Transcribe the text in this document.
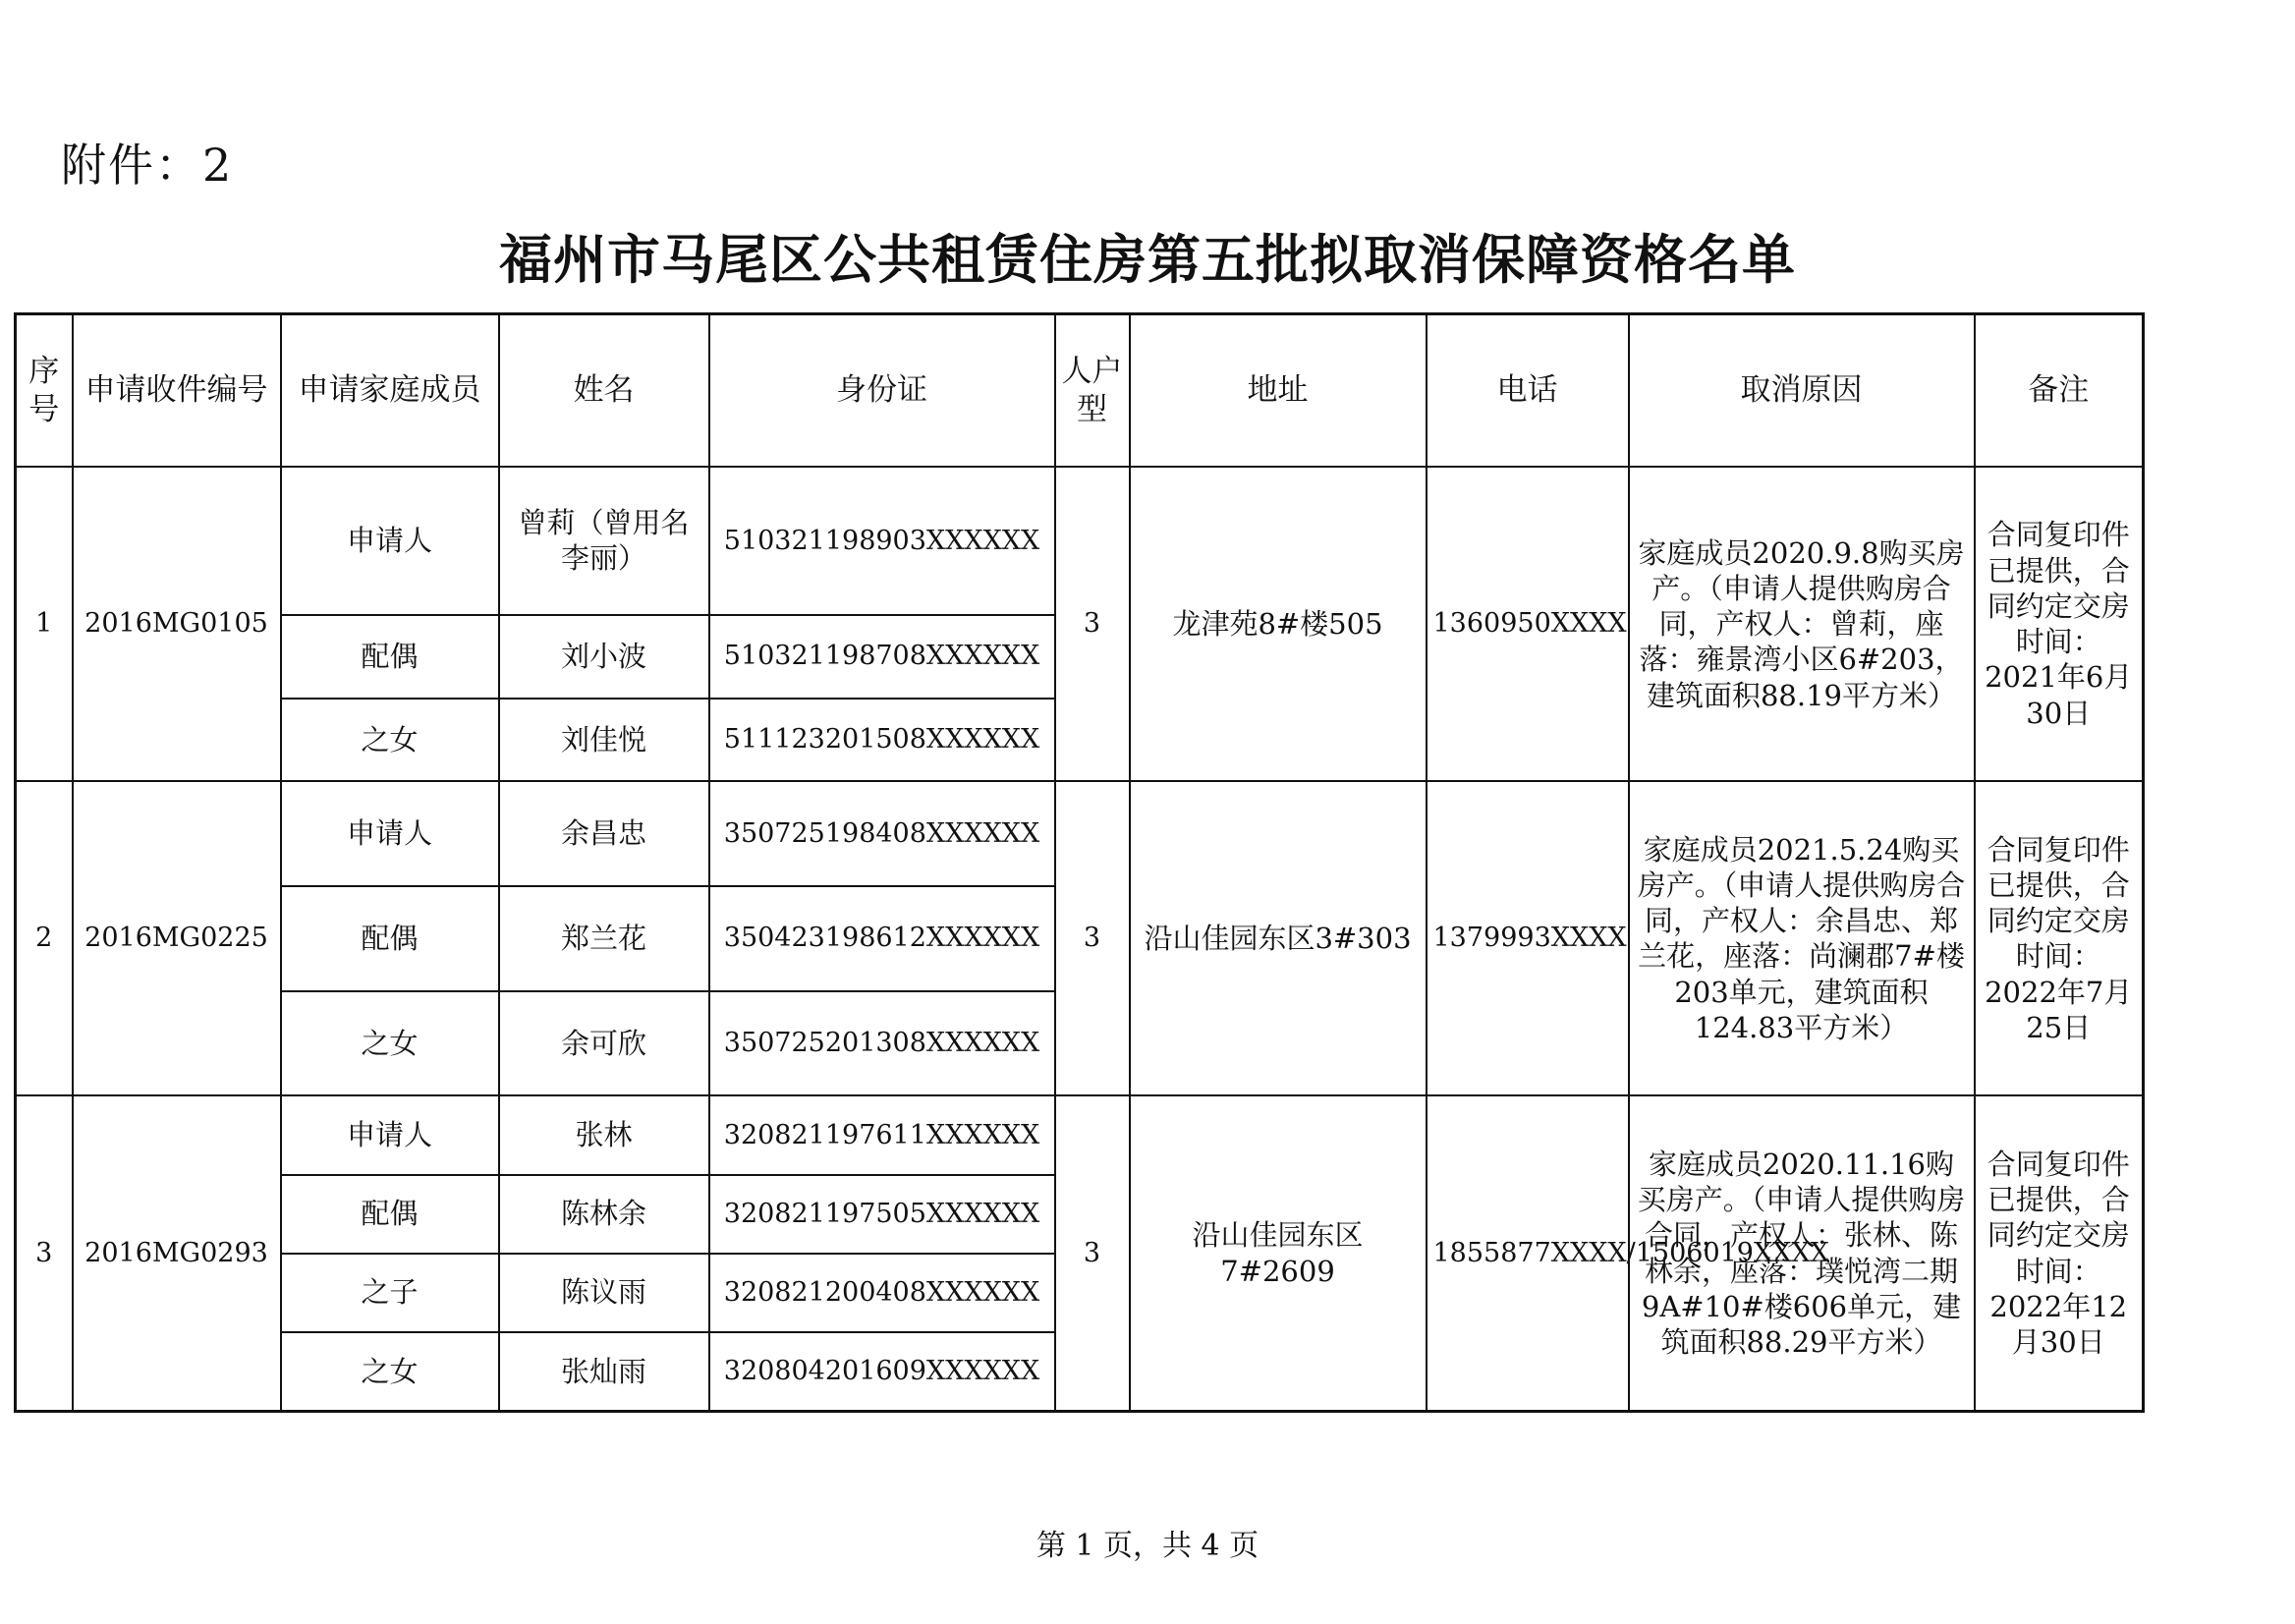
附件：2
福州市马尾区公共租赁住房第五批拟取消保障资格名单
序号	申请收件编号	申请家庭成员	姓名	身份证	人户型	地址	电话	取消原因	备注
1	2016MG0105	申请人	曾莉（曾用名李丽）	510321198903XXXXXX	3	龙津苑8#楼505	1360950XXXX	家庭成员2020.9.8购买房产。（申请人提供购房合同，产权人：曾莉，座落：雍景湾小区6#203，建筑面积88.19平方米）	合同复印件已提供，合同约定交房时间：2021年6月30日
		配偶	刘小波	510321198708XXXXXX					
		之女	刘佳悦	511123201508XXXXXX					
2	2016MG0225	申请人	余昌忠	350725198408XXXXXX	3	沿山佳园东区3#303	1379993XXXX	家庭成员2021.5.24购买房产。（申请人提供购房合同，产权人：余昌忠、郑兰花，座落：尚澜郡7#楼203单元，建筑面积124.83平方米）	合同复印件已提供，合同约定交房时间：2022年7月25日
		配偶	郑兰花	350423198612XXXXXX					
		之女	余可欣	350725201308XXXXXX					
3	2016MG0293	申请人	张林	320821197611XXXXXX	3	沿山佳园东区7#2609	1855877XXXX/1506019XXXX	家庭成员2020.11.16购买房产。（申请人提供购房合同，产权人：张林、陈林余，座落：璞悦湾二期9A#10#楼606单元，建筑面积88.29平方米）	合同复印件已提供，合同约定交房时间：2022年12月30日
		配偶	陈林余	320821197505XXXXXX					
		之子	陈议雨	320821200408XXXXXX					
		之女	张灿雨	320804201609XXXXXX					
第 1 页，共 4 页
